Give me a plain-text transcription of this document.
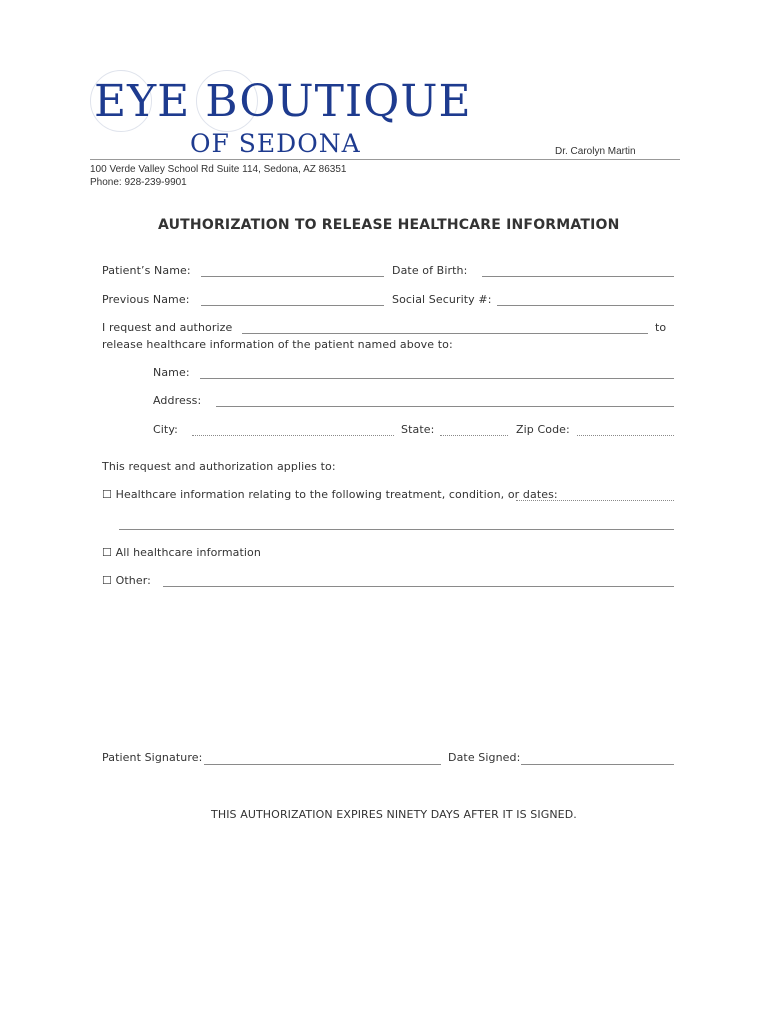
EYE BOUTIQUE
OF SEDONA	Dr. Carolyn Martin
100 Verde Valley School Rd Suite 114, Sedona, AZ 86351
Phone: 928-239-9901
AUTHORIZATION TO RELEASE HEALTHCARE INFORMATION
Patient’s Name:	Date of Birth:
Previous Name:	Social Security #:
I request and authorize	to
release healthcare information of the patient named above to:
Name:
Address:
City:	State:	Zip Code:
This request and authorization applies to:
☐ Healthcare information relating to the following treatment, condition, or dates:
☐ All healthcare information
☐ Other:
Patient Signature:	Date Signed:
THIS AUTHORIZATION EXPIRES NINETY DAYS AFTER IT IS SIGNED.
